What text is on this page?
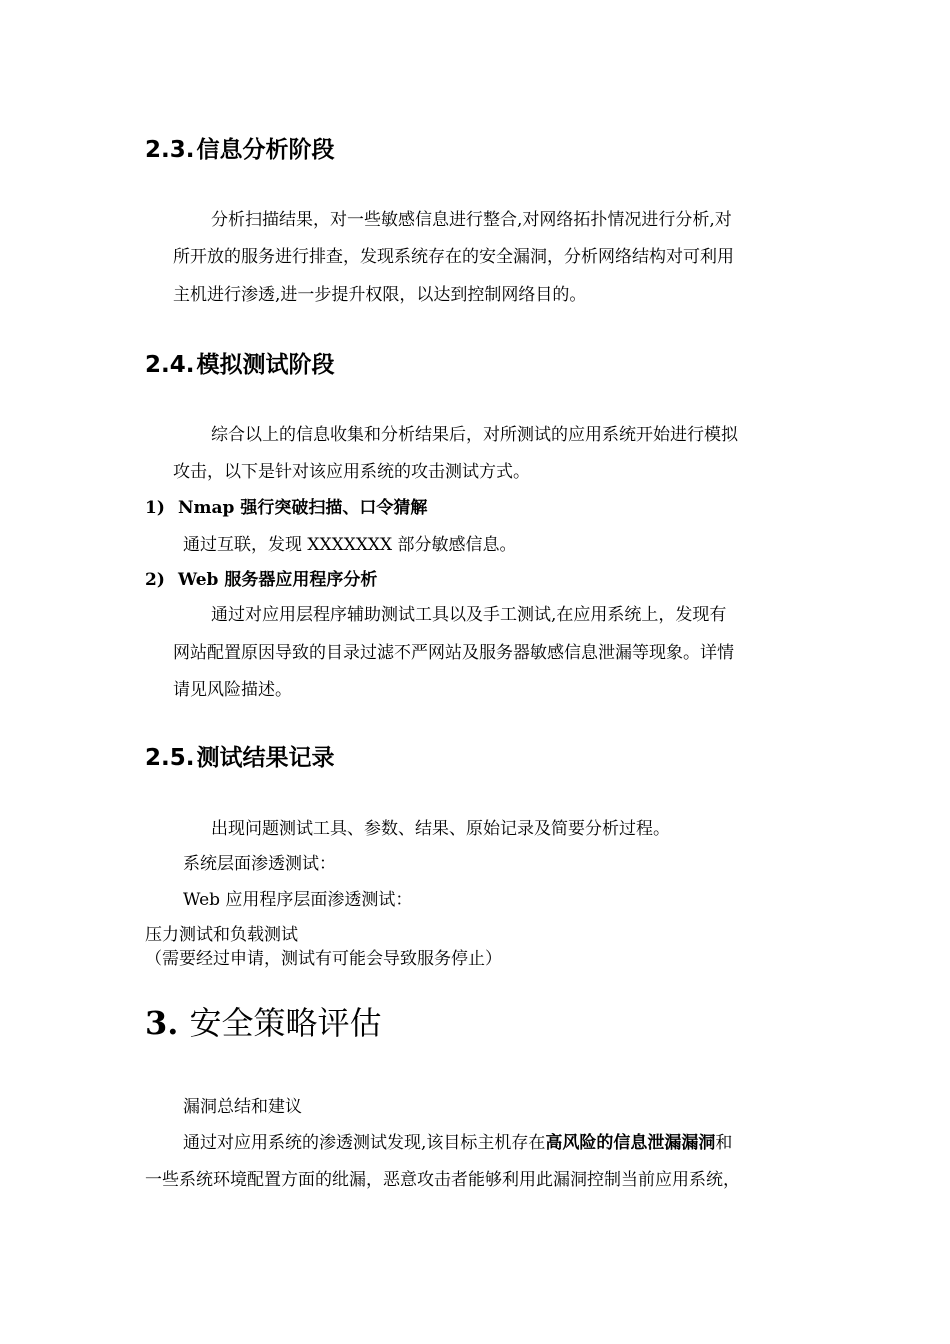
2.3.信息分析阶段
分析扫描结果，对一些敏感信息进行整合,对网络拓扑情况进行分析,对
所开放的服务进行排查，发现系统存在的安全漏洞，分析网络结构对可利用
主机进行渗透,进一步提升权限，以达到控制网络目的。
2.4.模拟测试阶段
综合以上的信息收集和分析结果后，对所测试的应用系统开始进行模拟
攻击，以下是针对该应用系统的攻击测试方式。
1) Nmap 强行突破扫描、口令猜解
通过互联，发现 XXXXXXX 部分敏感信息。
2) Web 服务器应用程序分析
通过对应用层程序辅助测试工具以及手工测试,在应用系统上，发现有
网站配置原因导致的目录过滤不严网站及服务器敏感信息泄漏等现象。详情
请见风险描述。
2.5.测试结果记录
出现问题测试工具、参数、结果、原始记录及简要分析过程。
系统层面渗透测试：
Web 应用程序层面渗透测试：
压力测试和负载测试
（需要经过申请，测试有可能会导致服务停止）
3. 安全策略评估
漏洞总结和建议
通过对应用系统的渗透测试发现,该目标主机存在高风险的信息泄漏漏洞和
一些系统环境配置方面的纰漏，恶意攻击者能够利用此漏洞控制当前应用系统，
